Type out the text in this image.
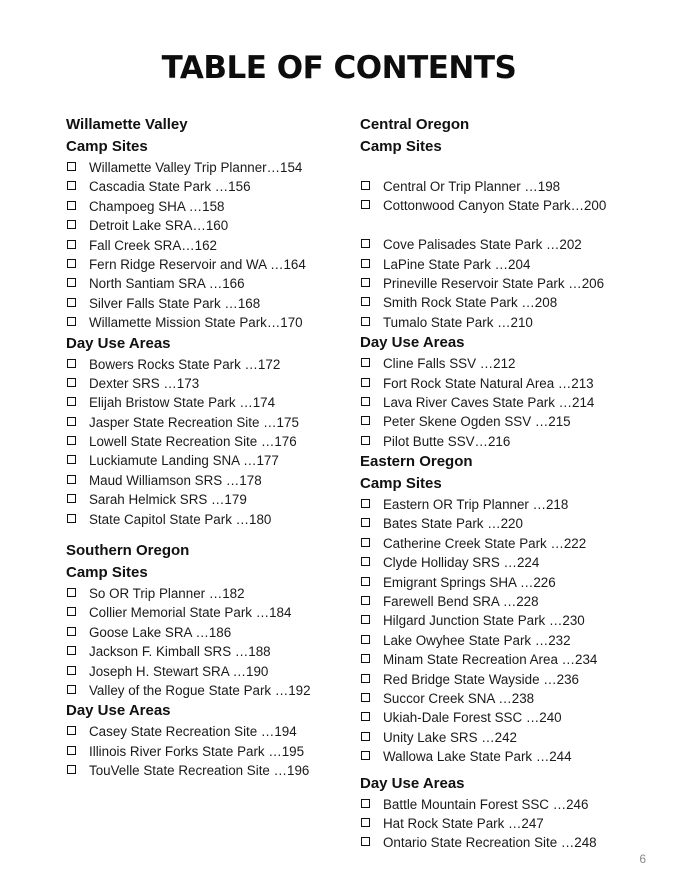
TABLE OF CONTENTS
Willamette Valley
Camp Sites
Willamette Valley Trip Planner…154
Cascadia State Park …156
Champoeg SHA …158
Detroit Lake SRA…160
Fall Creek SRA…162
Fern Ridge Reservoir and WA …164
North Santiam SRA …166
Silver Falls State Park …168
Willamette Mission State Park…170
Day Use Areas
Bowers Rocks State Park …172
Dexter SRS …173
Elijah Bristow State Park …174
Jasper State Recreation Site …175
Lowell State Recreation Site …176
Luckiamute Landing SNA …177
Maud Williamson SRS …178
Sarah Helmick SRS …179
State Capitol State Park …180
Southern Oregon
Camp Sites
So OR Trip Planner …182
Collier Memorial State Park …184
Goose Lake SRA …186
Jackson F. Kimball SRS …188
Joseph H. Stewart SRA …190
Valley of the Rogue State Park …192
Day Use Areas
Casey State Recreation Site …194
Illinois River Forks State Park …195
TouVelle State Recreation Site …196
Central Oregon
Camp Sites
Central Or Trip Planner …198
Cottonwood Canyon State Park…200
Cove Palisades State Park …202
LaPine State Park …204
Prineville Reservoir State Park …206
Smith Rock State Park …208
Tumalo State Park …210
Day Use Areas
Cline Falls SSV …212
Fort Rock State Natural Area …213
Lava River Caves State Park …214
Peter Skene Ogden SSV …215
Pilot Butte SSV…216
Eastern Oregon
Camp Sites
Eastern OR Trip Planner …218
Bates State Park …220
Catherine Creek State Park …222
Clyde Holliday SRS …224
Emigrant Springs SHA …226
Farewell Bend SRA …228
Hilgard Junction State Park …230
Lake Owyhee State Park …232
Minam State Recreation Area …234
Red Bridge State Wayside …236
Succor Creek SNA …238
Ukiah-Dale Forest SSC …240
Unity Lake SRS …242
Wallowa Lake State Park …244
Day Use Areas
Battle Mountain Forest SSC …246
Hat Rock State Park …247
Ontario State Recreation Site …248
6
